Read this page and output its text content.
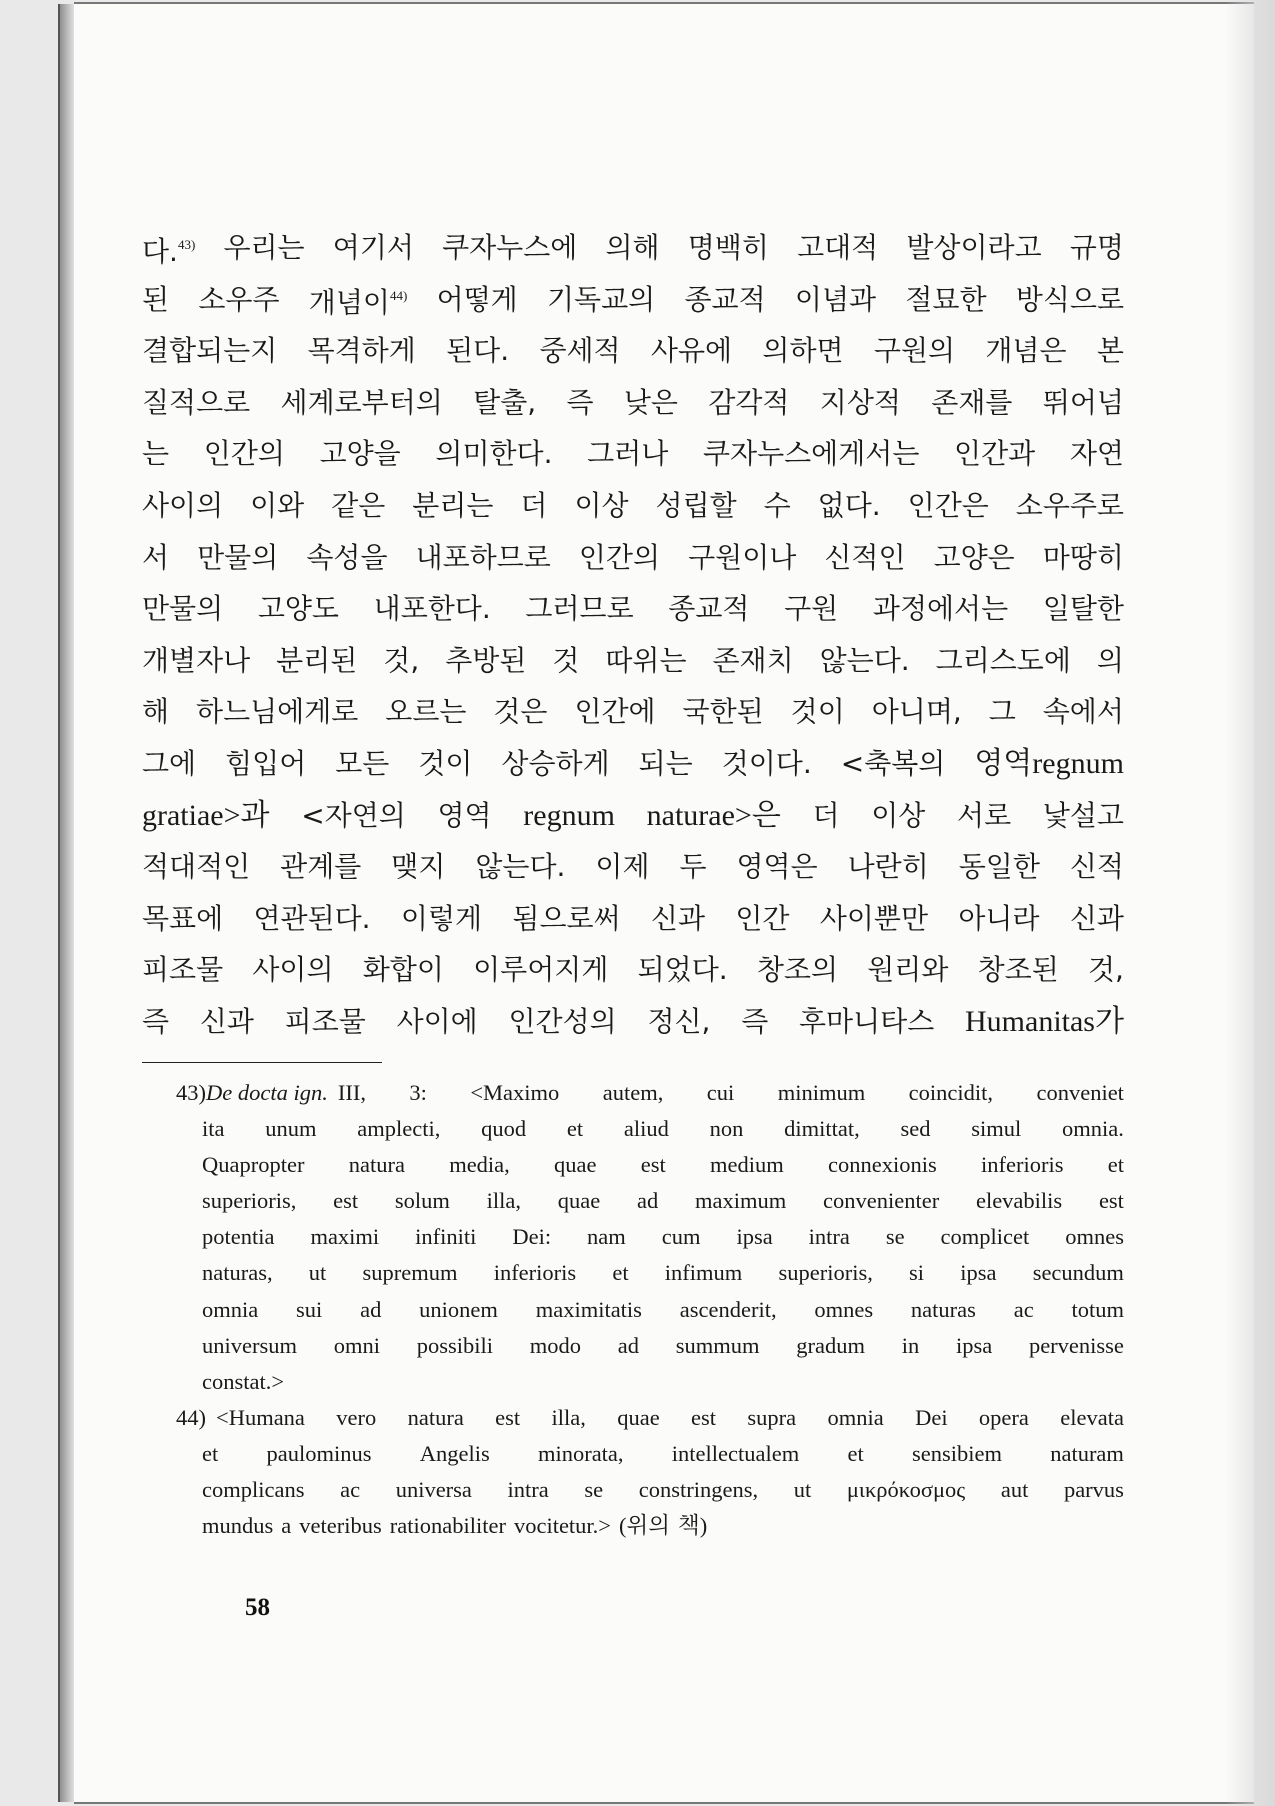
다.$^{43)}$ 우리는 여기서 쿠자누스에 의해 명백히 고대적 발상이라고 규명
된 소우주 개념이$^{44)}$ 어떻게 기독교의 종교적 이념과 절묘한 방식으로
결합되는지 목격하게 된다. 중세적 사유에 의하면 구원의 개념은 본
질적으로 세계로부터의 탈출, 즉 낮은 감각적 지상적 존재를 뛰어넘
는 인간의 고양을 의미한다. 그러나 쿠자누스에게서는 인간과 자연
사이의 이와 같은 분리는 더 이상 성립할 수 없다. 인간은 소우주로
서 만물의 속성을 내포하므로 인간의 구원이나 신적인 고양은 마땅히
만물의 고양도 내포한다. 그러므로 종교적 구원 과정에서는 일탈한
개별자나 분리된 것, 추방된 것 따위는 존재치 않는다. 그리스도에 의
해 하느님에게로 오르는 것은 인간에 국한된 것이 아니며, 그 속에서
그에 힘입어 모든 것이 상승하게 되는 것이다. <축복의 영역regnum
gratiae>과 <자연의 영역 regnum naturae>은 더 이상 서로 낯설고
적대적인 관계를 맺지 않는다. 이제 두 영역은 나란히 동일한 신적
목표에 연관된다. 이렇게 됨으로써 신과 인간 사이뿐만 아니라 신과
피조물 사이의 화합이 이루어지게 되었다. 창조의 원리와 창조된 것,
즉 신과 피조물 사이에 인간성의 정신, 즉 후마니타스 Humanitas가
43) De docta ign. III, 3: <Maximo autem, cui minimum coincidit, conveniet
ita unum amplecti, quod et aliud non dimittat, sed simul omnia.
Quapropter natura media, quae est medium connexionis inferioris et
superioris, est solum illa, quae ad maximum convenienter elevabilis est
potentia maximi infiniti Dei: nam cum ipsa intra se complicet omnes
naturas, ut supremum inferioris et infimum superioris, si ipsa secundum
omnia sui ad unionem maximitatis ascenderit, omnes naturas ac totum
universum omni possibili modo ad summum gradum in ipsa pervenisse
constat.>
44) <Humana vero natura est illa, quae est supra omnia Dei opera elevata
et paulominus Angelis minorata, intellectualem et sensibiem naturam
complicans ac universa intra se constringens, ut μικρόκοσμος aut parvus
mundus a veteribus rationabiliter vocitetur.> (위의 책)
58
